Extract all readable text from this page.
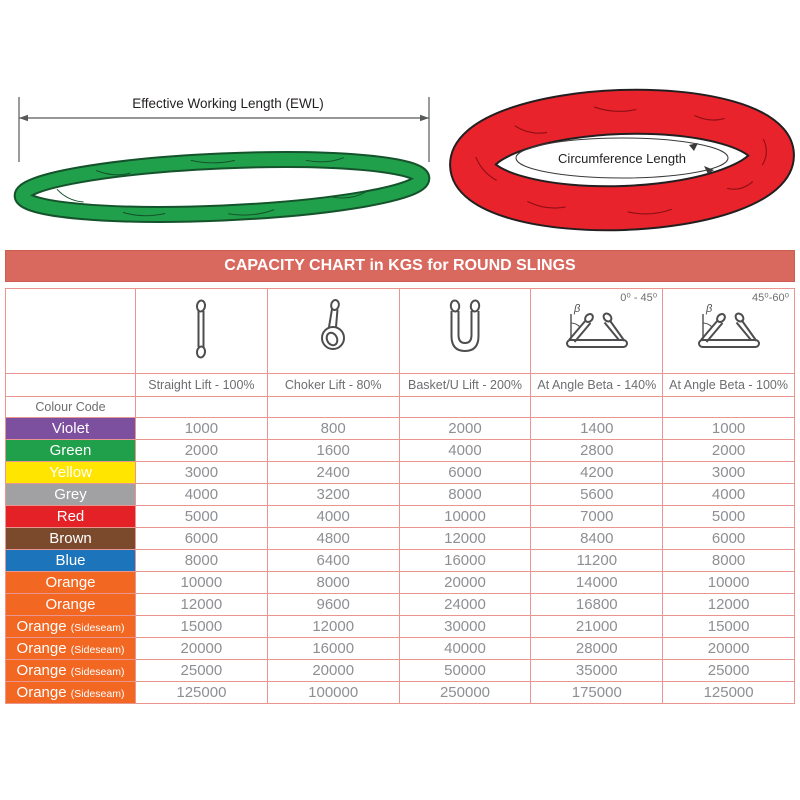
Effective Working Length (EWL)
Circumference Length
CAPACITY CHART in KGS for ROUND SLINGS

0⁰ - 45⁰
β	45⁰-60⁰
β

	Straight Lift - 100%	Choker Lift - 80%	Basket/U Lift - 200%	At Angle Beta - 140%	At Angle Beta - 100%
Colour Code					
Violet	1000	800	2000	1400	1000
Green	2000	1600	4000	2800	2000
Yellow	3000	2400	6000	4200	3000
Grey	4000	3200	8000	5600	4000
Red	5000	4000	10000	7000	5000
Brown	6000	4800	12000	8400	6000
Blue	8000	6400	16000	11200	8000
Orange	10000	8000	20000	14000	10000
Orange	12000	9600	24000	16800	12000
Orange (Sideseam)	15000	12000	30000	21000	15000
Orange (Sideseam)	20000	16000	40000	28000	20000
Orange (Sideseam)	25000	20000	50000	35000	25000
Orange (Sideseam)	125000	100000	250000	175000	125000
